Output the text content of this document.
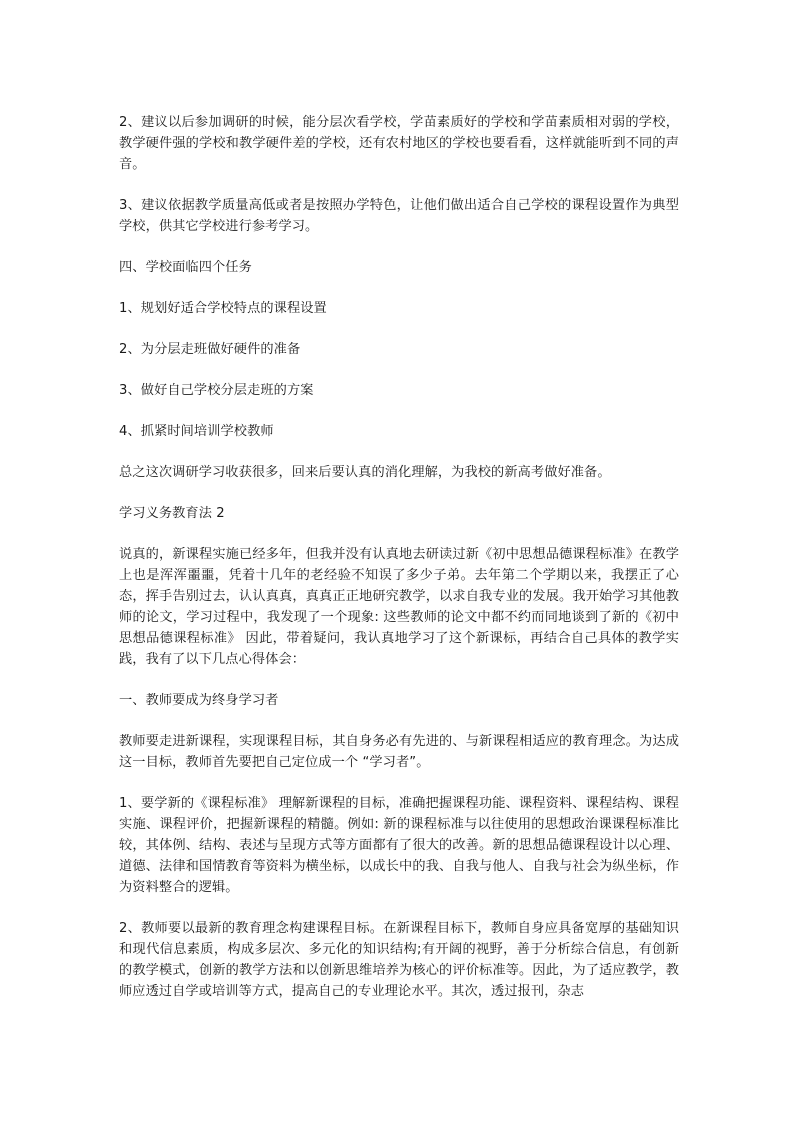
2、建议以后参加调研的时候，能分层次看学校，学苗素质好的学校和学苗素质相对弱的学校，教学硬件强的学校和教学硬件差的学校，还有农村地区的学校也要看看，这样就能听到不同的声音。

3、建议依据教学质量高低或者是按照办学特色，让他们做出适合自己学校的课程设置作为典型学校，供其它学校进行参考学习。

四、学校面临四个任务

1、规划好适合学校特点的课程设置

2、为分层走班做好硬件的准备

3、做好自己学校分层走班的方案

4、抓紧时间培训学校教师

总之这次调研学习收获很多，回来后要认真的消化理解，为我校的新高考做好准备。

学习义务教育法 2

说真的，新课程实施已经多年，但我并没有认真地去研读过新《初中思想品德课程标准》在教学上也是浑浑噩噩，凭着十几年的老经验不知误了多少子弟。去年第二个学期以来，我摆正了心态，挥手告别过去，认认真真，真真正正地研究教学，以求自我专业的发展。我开始学习其他教师的论文，学习过程中，我发现了一个现象: 这些教师的论文中都不约而同地谈到了新的《初中思想品德课程标准》 因此，带着疑问，我认真地学习了这个新课标，再结合自己具体的教学实践，我有了以下几点心得体会：

一、教师要成为终身学习者

教师要走进新课程，实现课程目标，其自身务必有先进的、与新课程相适应的教育理念。为达成这一目标，教师首先要把自己定位成一个 “学习者”。

1、要学新的《课程标准》 理解新课程的目标，准确把握课程功能、课程资料、课程结构、课程实施、课程评价，把握新课程的精髓。例如: 新的课程标准与以往使用的思想政治课课程标准比较，其体例、结构、表述与呈现方式等方面都有了很大的改善。新的思想品德课程设计以心理、道德、法律和国情教育等资料为横坐标，以成长中的我、自我与他人、自我与社会为纵坐标，作为资料整合的逻辑。

2、教师要以最新的教育理念构建课程目标。在新课程目标下，教师自身应具备宽厚的基础知识和现代信息素质，构成多层次、多元化的知识结构;有开阔的视野，善于分析综合信息，有创新的教学模式，创新的教学方法和以创新思维培养为核心的评价标准等。因此，为了适应教学，教师应透过自学或培训等方式，提高自己的专业理论水平。其次，透过报刊，杂志
